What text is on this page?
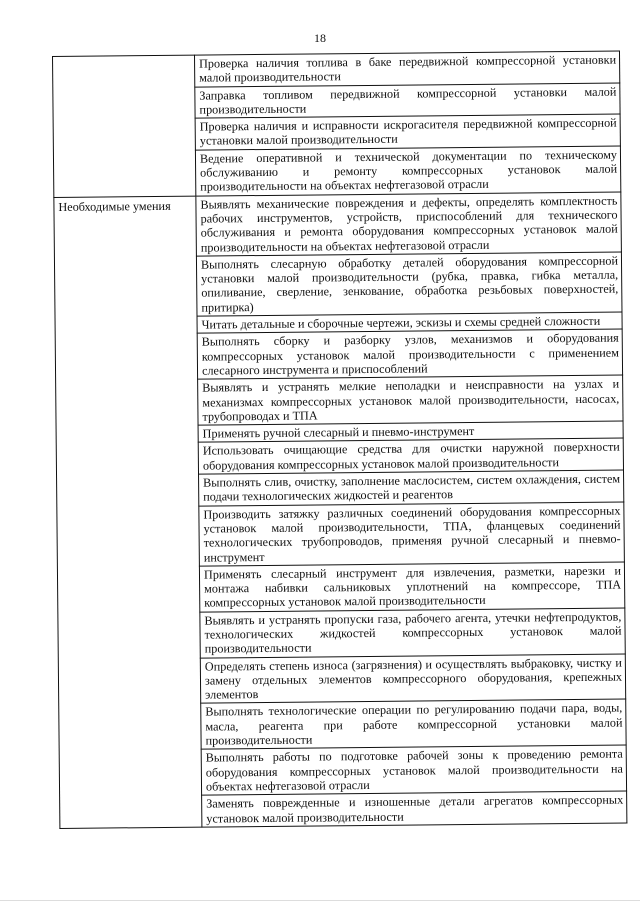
18
	Проверка наличия топлива в баке передвижной компрессорной установки малой производительности
	Заправка топливом передвижной компрессорной установки малой производительности
	Проверка наличия и исправности искрогасителя передвижной компрессорной установки малой производительности
	Ведение оперативной и технической документации по техническому обслуживанию и ремонту компрессорных установок малой производительности на объектах нефтегазовой отрасли
Необходимые умения	Выявлять механические повреждения и дефекты, определять комплектность рабочих инструментов, устройств, приспособлений для технического обслуживания и ремонта оборудования компрессорных установок малой производительности на объектах нефтегазовой отрасли
	Выполнять слесарную обработку деталей оборудования компрессорной установки малой производительности (рубка, правка, гибка металла, опиливание, сверление, зенкование, обработка резьбовых поверхностей, притирка)
	Читать детальные и сборочные чертежи, эскизы и схемы средней сложности
	Выполнять сборку и разборку узлов, механизмов и оборудования компрессорных установок малой производительности с применением слесарного инструмента и приспособлений
	Выявлять и устранять мелкие неполадки и неисправности на узлах и механизмах компрессорных установок малой производительности, насосах, трубопроводах и ТПА
	Применять ручной слесарный и пневмо-инструмент
	Использовать очищающие средства для очистки наружной поверхности оборудования компрессорных установок малой производительности
	Выполнять слив, очистку, заполнение маслосистем, систем охлаждения, систем подачи технологических жидкостей и реагентов
	Производить затяжку различных соединений оборудования компрессорных установок малой производительности, ТПА, фланцевых соединений технологических трубопроводов, применяя ручной слесарный и пневмо-инструмент
	Применять слесарный инструмент для извлечения, разметки, нарезки и монтажа набивки сальниковых уплотнений на компрессоре, ТПА компрессорных установок малой производительности
	Выявлять и устранять пропуски газа, рабочего агента, утечки нефтепродуктов, технологических жидкостей компрессорных установок малой производительности
	Определять степень износа (загрязнения) и осуществлять выбраковку, чистку и замену отдельных элементов компрессорного оборудования, крепежных элементов
	Выполнять технологические операции по регулированию подачи пара, воды, масла, реагента при работе компрессорной установки малой производительности
	Выполнять работы по подготовке рабочей зоны к проведению ремонта оборудования компрессорных установок малой производительности на объектах нефтегазовой отрасли
	Заменять поврежденные и изношенные детали агрегатов компрессорных установок малой производительности
